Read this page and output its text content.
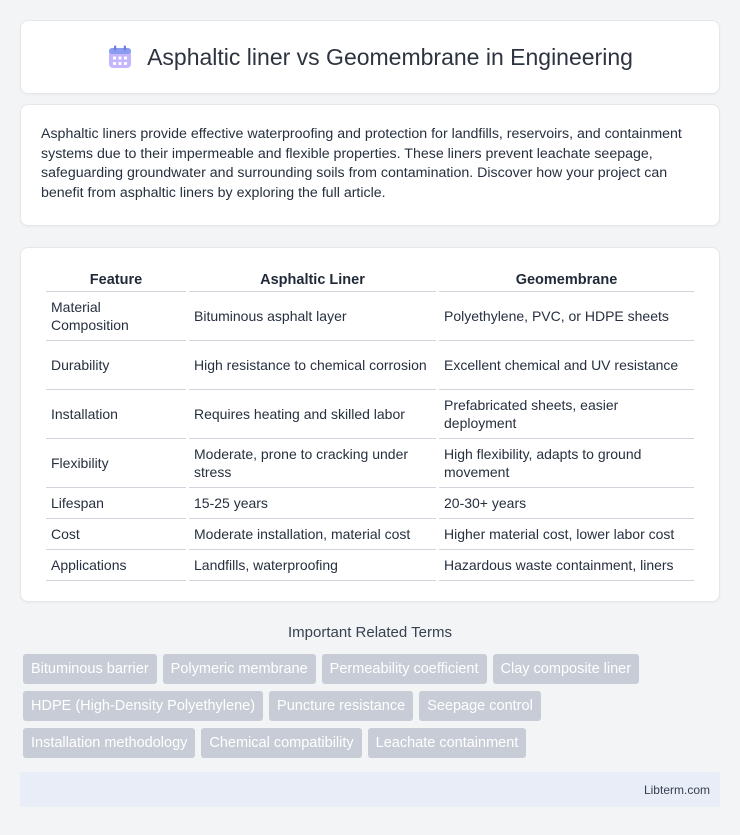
Asphaltic liner vs Geomembrane in Engineering

Asphaltic liners provide effective waterproofing and protection for landfills, reservoirs, and containment systems due to their impermeable and flexible properties. These liners prevent leachate seepage, safeguarding groundwater and surrounding soils from contamination. Discover how your project can benefit from asphaltic liners by exploring the full article.

Feature	Asphaltic Liner	Geomembrane
Material Composition	Bituminous asphalt layer	Polyethylene, PVC, or HDPE sheets
Durability	High resistance to chemical corrosion	Excellent chemical and UV resistance
Installation	Requires heating and skilled labor	Prefabricated sheets, easier deployment
Flexibility	Moderate, prone to cracking under stress	High flexibility, adapts to ground movement
Lifespan	15-25 years	20-30+ years
Cost	Moderate installation, material cost	Higher material cost, lower labor cost
Applications	Landfills, waterproofing	Hazardous waste containment, liners
Important Related Terms
Bituminous barrier	Polymeric membrane	Permeability coefficient	Clay composite liner
HDPE (High-Density Polyethylene)	Puncture resistance	Seepage control
Installation methodology	Chemical compatibility	Leachate containment
Libterm.com
